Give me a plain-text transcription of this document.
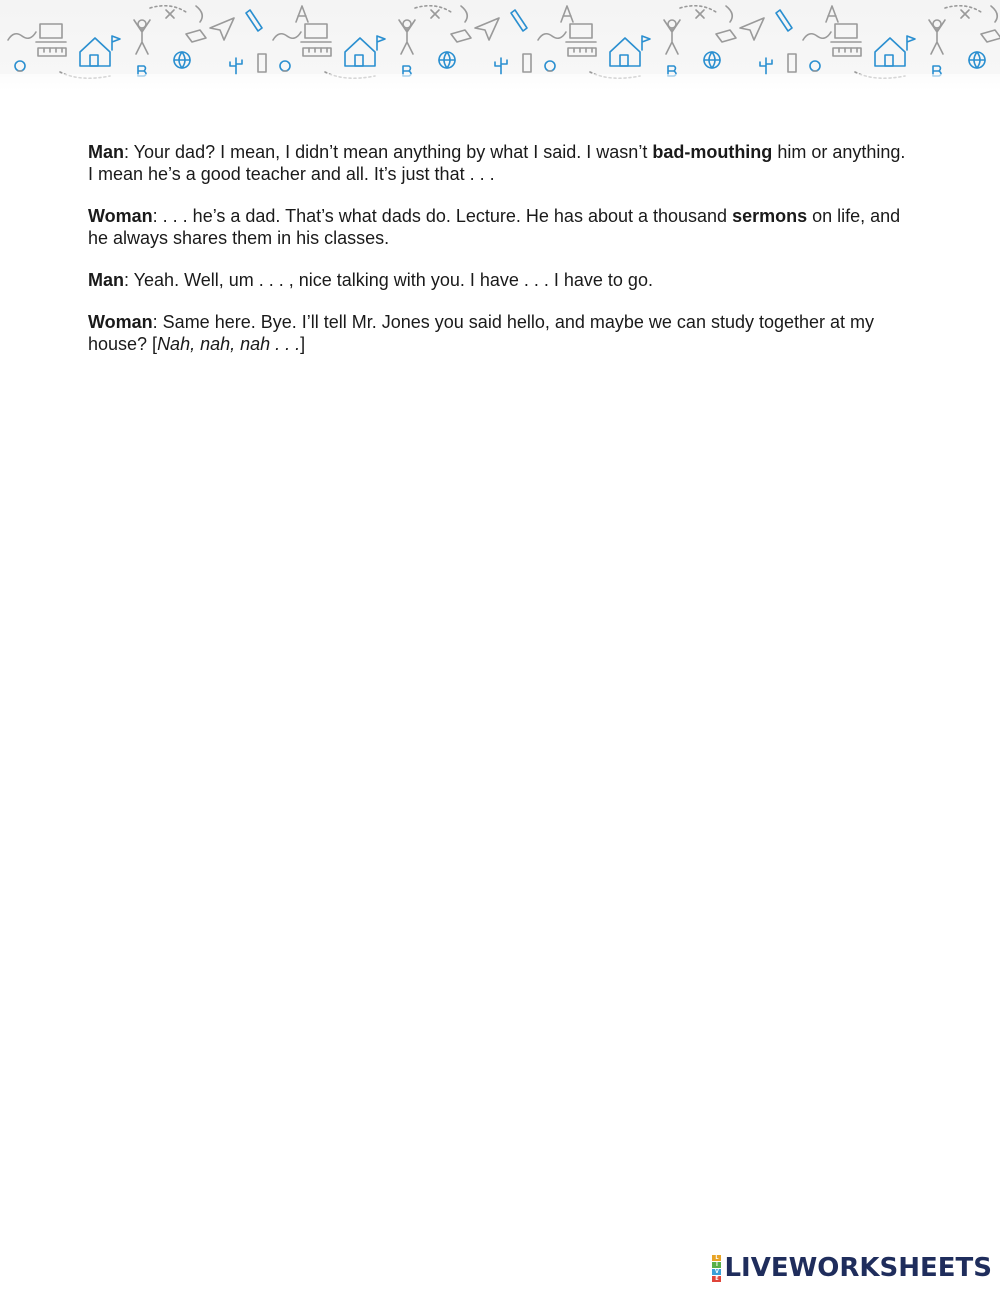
Man: Your dad? I mean, I didn’t mean anything by what I said. I wasn’t bad-mouthing him or anything. I mean he’s a good teacher and all. It’s just that . . .

Woman: . . . he’s a dad. That’s what dads do. Lecture. He has about a thousand sermons on life, and he always shares them in his classes.

Man: Yeah. Well, um . . . , nice talking with you. I have . . . I have to go.

Woman: Same here. Bye. I’ll tell Mr. Jones you said hello, and maybe we can study together at my house? [Nah, nah, nah . . .]

L
I
V
E LIVEWORKSHEETS
